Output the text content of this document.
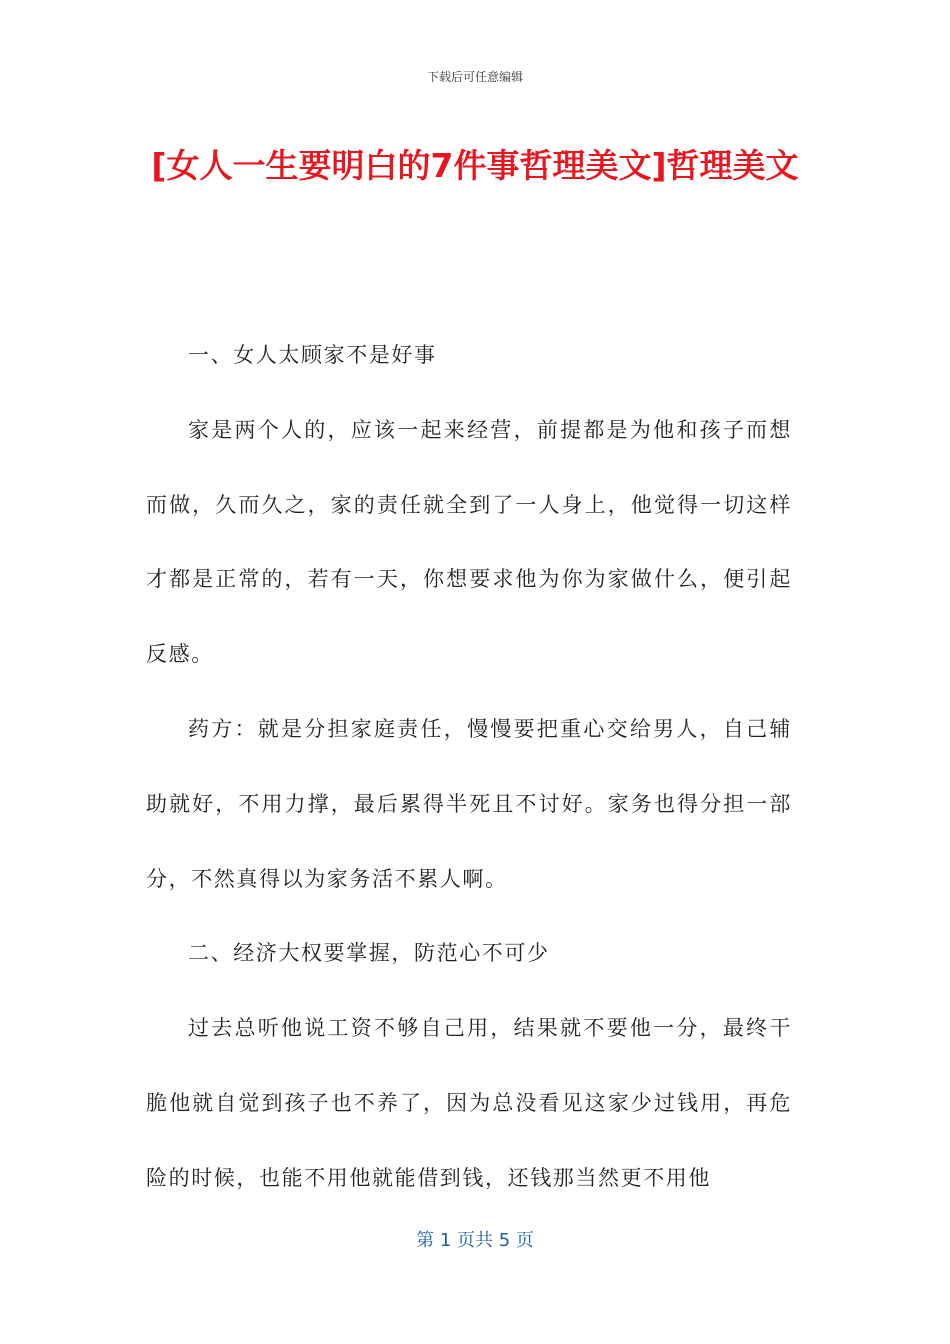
下载后可任意编辑
[女人一生要明白的7件事哲理美文]哲理美文

一、女人太顾家不是好事

家是两个人的，应该一起来经营，前提都是为他和孩子而想而做，久而久之，家的责任就全到了一人身上，他觉得一切这样才都是正常的，若有一天，你想要求他为你为家做什么，便引起反感。

药方：就是分担家庭责任，慢慢要把重心交给男人，自己辅助就好，不用力撑，最后累得半死且不讨好。家务也得分担一部分，不然真得以为家务活不累人啊。

二、经济大权要掌握，防范心不可少

过去总听他说工资不够自己用，结果就不要他一分，最终干脆他就自觉到孩子也不养了，因为总没看见这家少过钱用，再危险的时候，也能不用他就能借到钱，还钱那当然更不用他

第 1 页共 5 页
